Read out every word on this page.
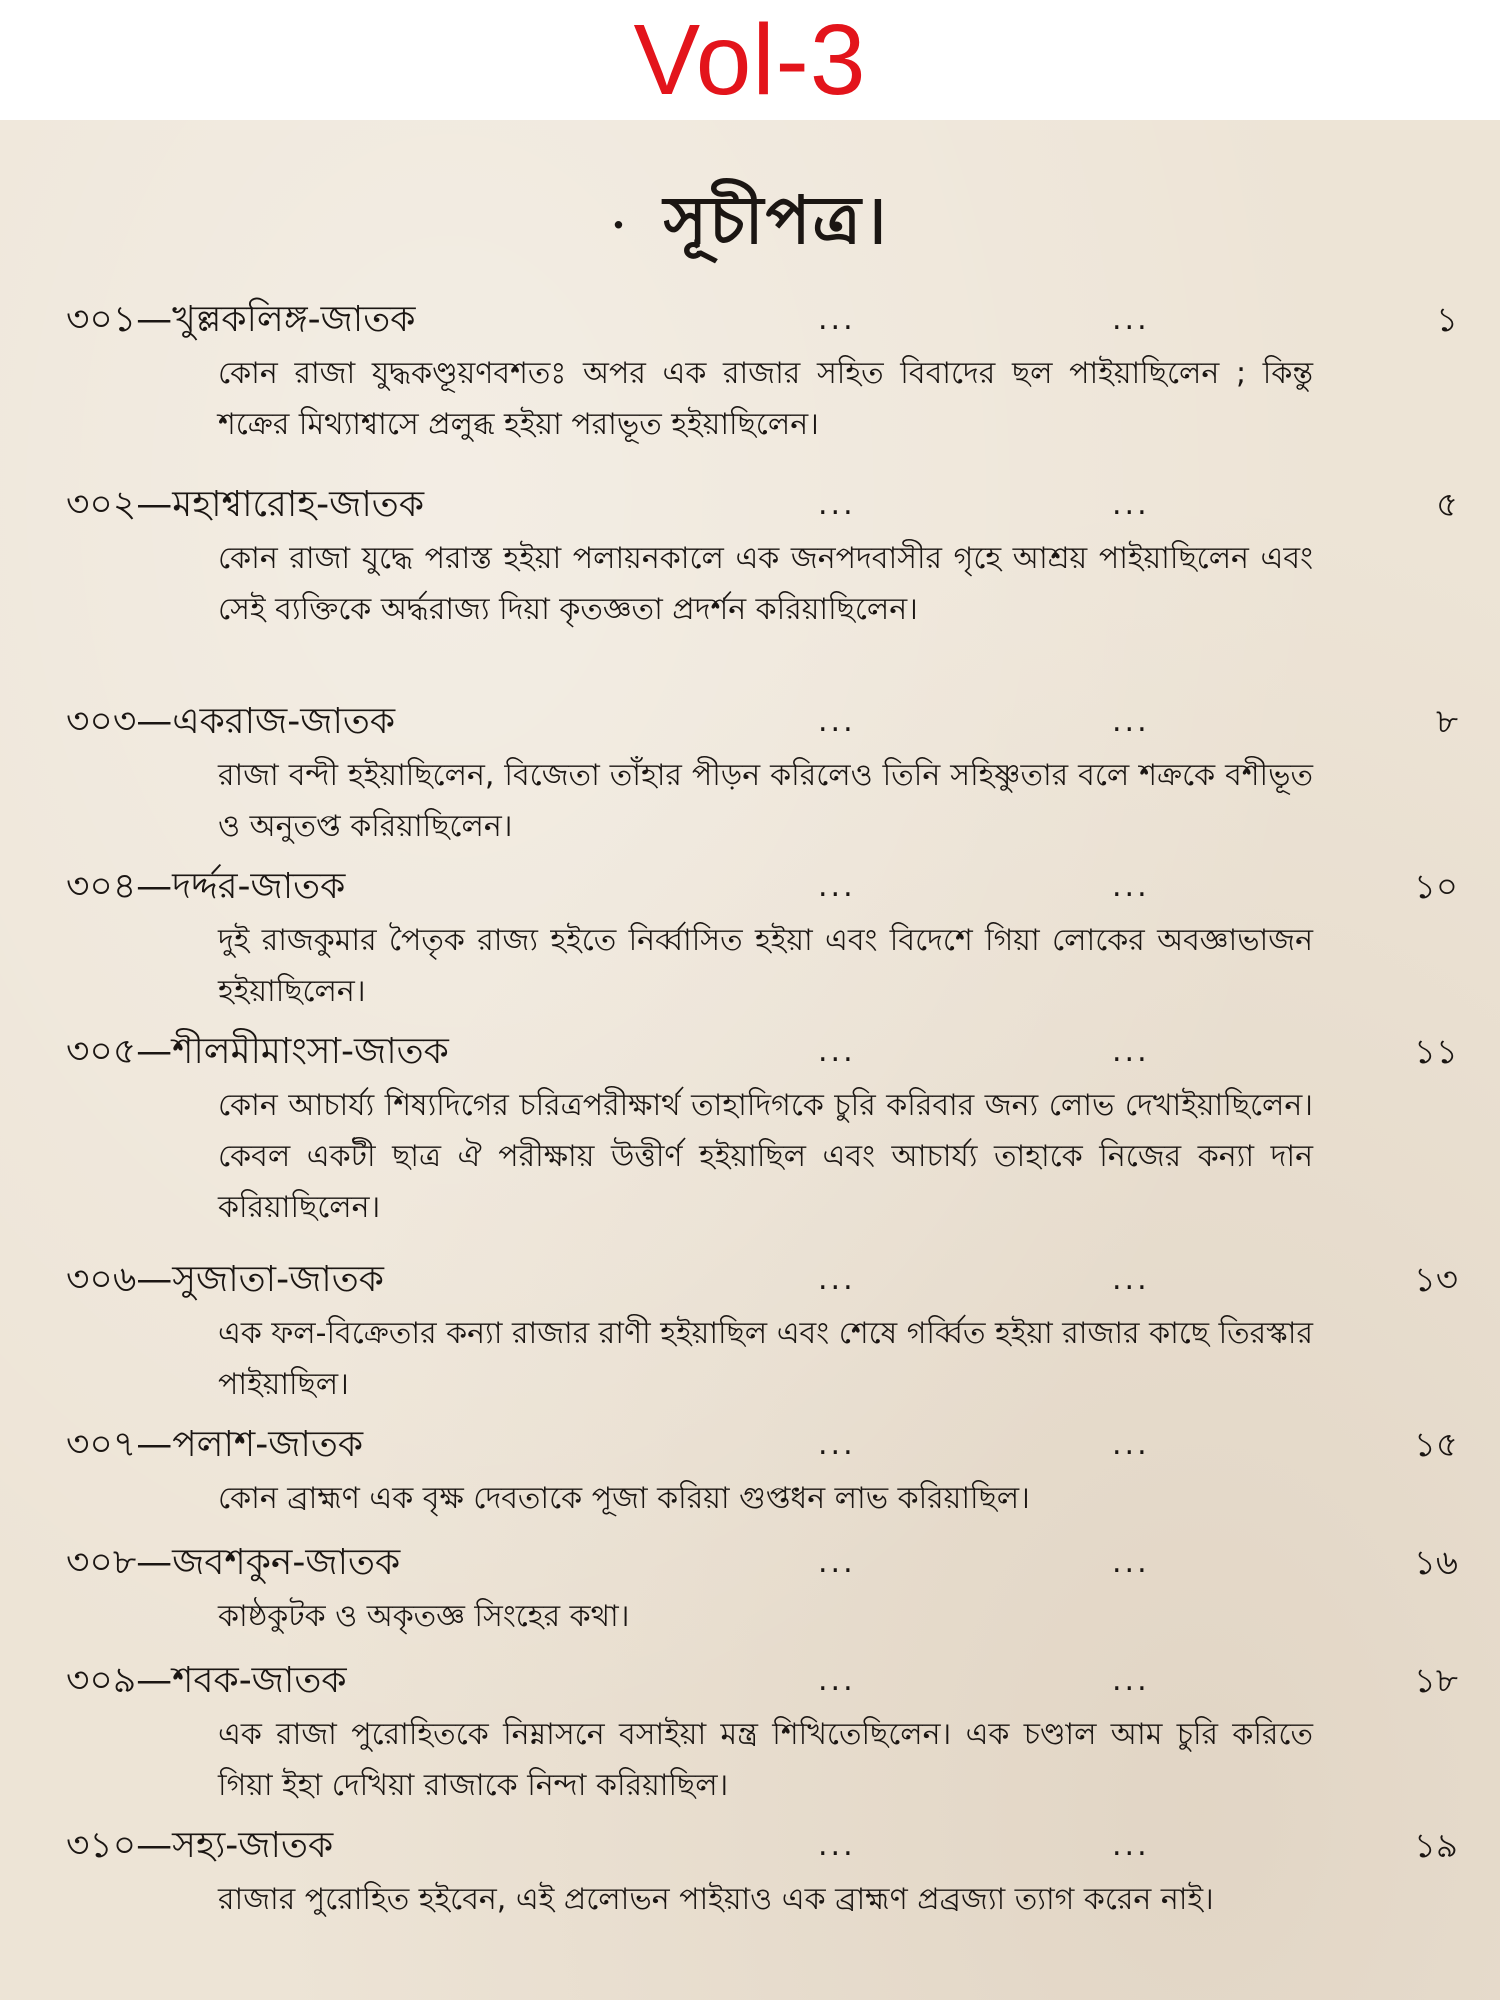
Vol-3
· সূচীপত্র।
৩০১—খুল্লকলিঙ্গ-জাতক	...	...	১

কোন রাজা যুদ্ধকণ্ডূয়ণবশতঃ অপর এক রাজার সহিত বিবাদের ছল পাইয়াছিলেন ; কিন্তু শক্রের মিথ্যাশ্বাসে প্রলুব্ধ হইয়া পরাভূত হইয়াছিলেন।

৩০২—মহাশ্বারোহ-জাতক	...	...	৫

কোন রাজা যুদ্ধে পরাস্ত হইয়া পলায়নকালে এক জনপদবাসীর গৃহে আশ্রয় পাইয়াছিলেন এবং সেই ব্যক্তিকে অর্দ্ধরাজ্য দিয়া কৃতজ্ঞতা প্রদর্শন করিয়াছিলেন।

৩০৩—একরাজ-জাতক	...	...	৮

রাজা বন্দী হইয়াছিলেন, বিজেতা তাঁহার পীড়ন করিলেও তিনি সহিষ্ণুতার বলে শক্রকে বশীভূত ও অনুতপ্ত করিয়াছিলেন।

৩০৪—দর্দ্দর-জাতক	...	...	১০

দুই রাজকুমার পৈতৃক রাজ্য হইতে নির্ব্বাসিত হইয়া এবং বিদেশে গিয়া লোকের অবজ্ঞাভাজন হইয়াছিলেন।

৩০৫—শীলমীমাংসা-জাতক	...	...	১১

কোন আচার্য্য শিষ্যদিগের চরিত্রপরীক্ষার্থ তাহাদিগকে চুরি করিবার জন্য লোভ দেখাইয়াছিলেন। কেবল একটী ছাত্র ঐ পরীক্ষায় উত্তীর্ণ হইয়াছিল এবং আচার্য্য তাহাকে নিজের কন্যা দান করিয়াছিলেন।

৩০৬—সুজাতা-জাতক	...	...	১৩

এক ফল-বিক্রেতার কন্যা রাজার রাণী হইয়াছিল এবং শেষে গর্ব্বিত হইয়া রাজার কাছে তিরস্কার পাইয়াছিল।

৩০৭—পলাশ-জাতক	...	...	১৫

কোন ব্রাহ্মণ এক বৃক্ষ দেবতাকে পূজা করিয়া গুপ্তধন লাভ করিয়াছিল।

৩০৮—জবশকুন-জাতক	...	...	১৬

কাষ্ঠকুটক ও অকৃতজ্ঞ সিংহের কথা।

৩০৯—শবক-জাতক	...	...	১৮

এক রাজা পুরোহিতকে নিম্নাসনে বসাইয়া মন্ত্র শিখিতেছিলেন। এক চণ্ডাল আম চুরি করিতে গিয়া ইহা দেখিয়া রাজাকে নিন্দা করিয়াছিল।

৩১০—সহ্য-জাতক	...	...	১৯

রাজার পুরোহিত হইবেন, এই প্রলোভন পাইয়াও এক ব্রাহ্মণ প্রব্রজ্যা ত্যাগ করেন নাই।
